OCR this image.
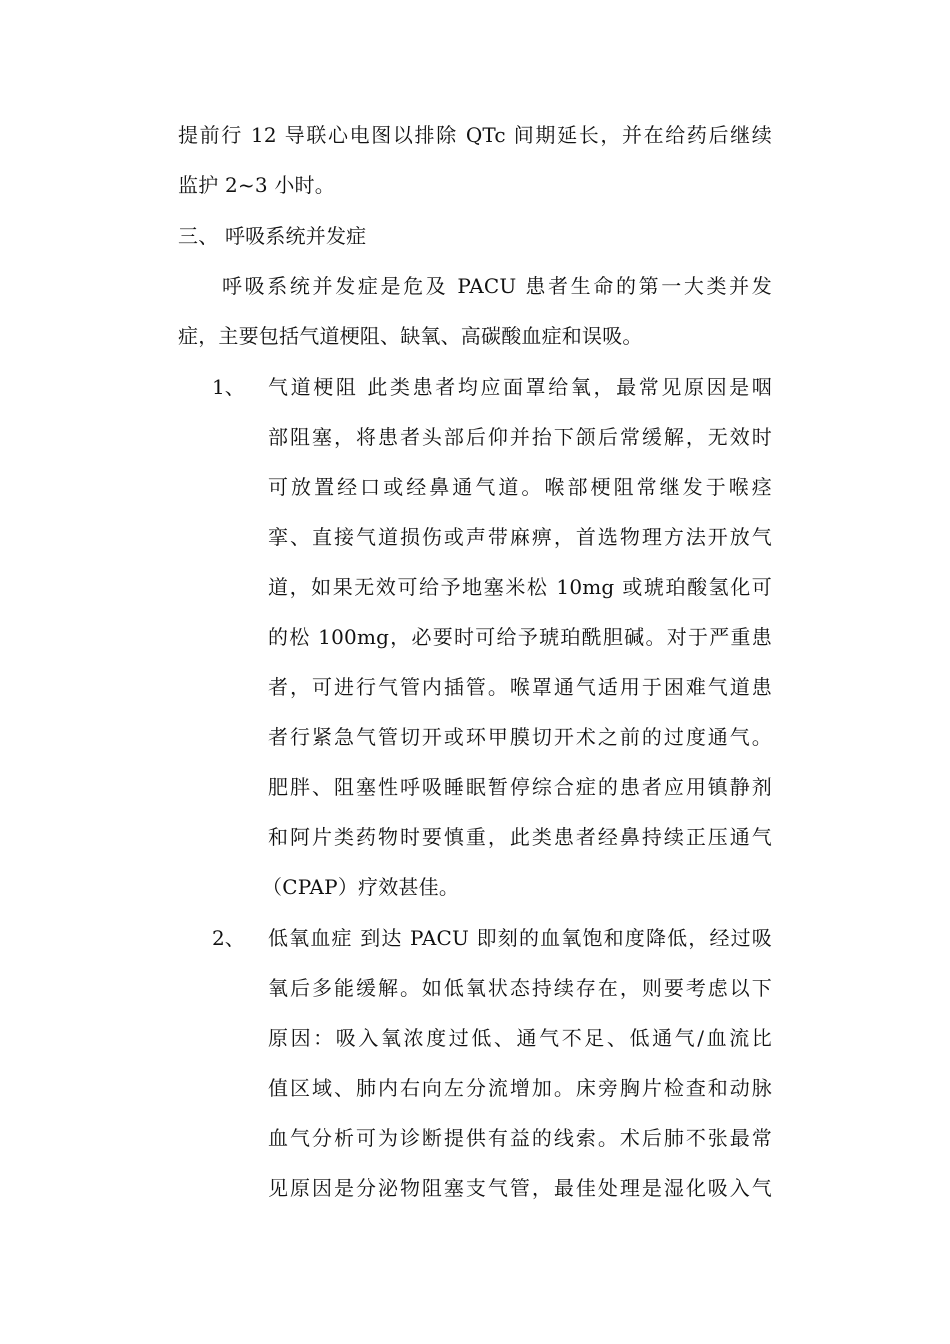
提前行 12 导联心电图以排除 QTc 间期延长，并在给药后继续
监护 2~3 小时。
三、 呼吸系统并发症
呼吸系统并发症是危及 PACU 患者生命的第一大类并发
症，主要包括气道梗阻、缺氧、高碳酸血症和误吸。
1、 气道梗阻 此类患者均应面罩给氧，最常见原因是咽
部阻塞，将患者头部后仰并抬下颌后常缓解，无效时
可放置经口或经鼻通气道。喉部梗阻常继发于喉痉
挛、直接气道损伤或声带麻痹，首选物理方法开放气
道，如果无效可给予地塞米松 10mg 或琥珀酸氢化可
的松 100mg，必要时可给予琥珀酰胆碱。对于严重患
者，可进行气管内插管。喉罩通气适用于困难气道患
者行紧急气管切开或环甲膜切开术之前的过度通气。
肥胖、阻塞性呼吸睡眠暂停综合症的患者应用镇静剂
和阿片类药物时要慎重，此类患者经鼻持续正压通气
（CPAP）疗效甚佳。
2、 低氧血症 到达 PACU 即刻的血氧饱和度降低，经过吸
氧后多能缓解。如低氧状态持续存在，则要考虑以下
原因：吸入氧浓度过低、通气不足、低通气/血流比
值区域、肺内右向左分流增加。床旁胸片检查和动脉
血气分析可为诊断提供有益的线索。术后肺不张最常
见原因是分泌物阻塞支气管，最佳处理是湿化吸入气
